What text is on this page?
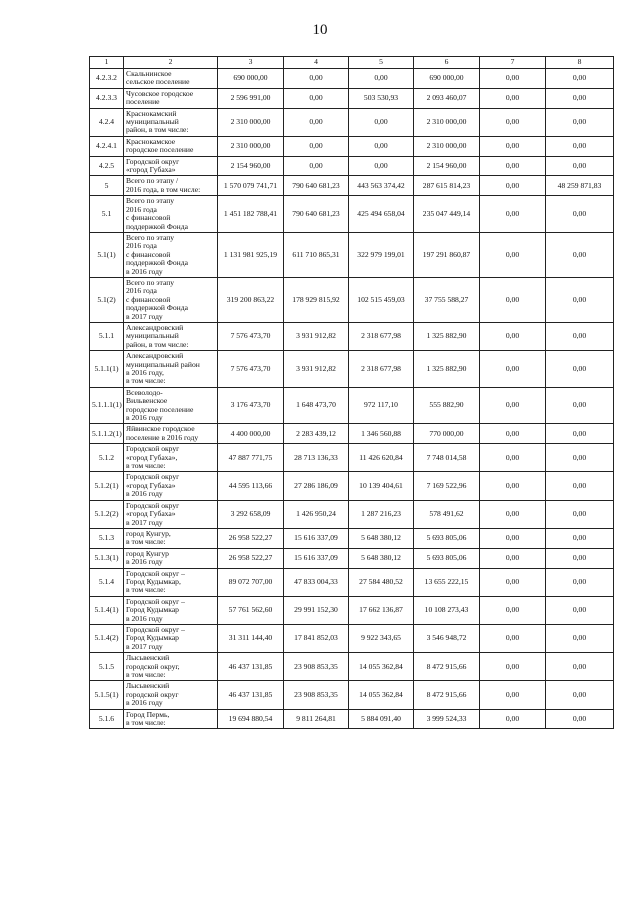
10
1	2	3	4	5	6	7	8
4.2.3.2	Скальнинское
сельское поселение	690 000,00	0,00	0,00	690 000,00	0,00	0,00
4.2.3.3	Чусовское городское
поселение	2 596 991,00	0,00	503 530,93	2 093 460,07	0,00	0,00
4.2.4	Краснокамский
муниципальный
район, в том числе:	2 310 000,00	0,00	0,00	2 310 000,00	0,00	0,00
4.2.4.1	Краснокамское
городское поселение	2 310 000,00	0,00	0,00	2 310 000,00	0,00	0,00
4.2.5	Городской округ
«город Губаха»	2 154 960,00	0,00	0,00	2 154 960,00	0,00	0,00
5	Всего по этапу /
2016 года, в том числе:	1 570 079 741,71	790 640 681,23	443 563 374,42	287 615 814,23	0,00	48 259 871,83
5.1	Всего по этапу
2016 года
с финансовой
поддержкой Фонда	1 451 182 788,41	790 640 681,23	425 494 658,04	235 047 449,14	0,00	0,00
5.1(1)	Всего по этапу
2016 года
с финансовой
поддержкой Фонда
в 2016 году	1 131 981 925,19	611 710 865,31	322 979 199,01	197 291 860,87	0,00	0,00
5.1(2)	Всего по этапу
2016 года
с финансовой
поддержкой Фонда
в 2017 году	319 200 863,22	178 929 815,92	102 515 459,03	37 755 588,27	0,00	0,00
5.1.1	Александровский
муниципальный
район, в том числе:	7 576 473,70	3 931 912,82	2 318 677,98	1 325 882,90	0,00	0,00
5.1.1(1)	Александровский
муниципальный район
в 2016 году,
в том числе:	7 576 473,70	3 931 912,82	2 318 677,98	1 325 882,90	0,00	0,00
5.1.1.1(1)	Всеволодо-
Вильвенское
городское поселение
в 2016 году	3 176 473,70	1 648 473,70	972 117,10	555 882,90	0,00	0,00
5.1.1.2(1)	Яйвинское городское
поселение в 2016 году	4 400 000,00	2 283 439,12	1 346 560,88	770 000,00	0,00	0,00
5.1.2	Городской округ
«город Губаха»,
в том числе:	47 887 771,75	28 713 136,33	11 426 620,84	7 748 014,58	0,00	0,00
5.1.2(1)	Городской округ
«город Губаха»
в 2016 году	44 595 113,66	27 286 186,09	10 139 404,61	7 169 522,96	0,00	0,00
5.1.2(2)	Городской округ
«город Губаха»
в 2017 году	3 292 658,09	1 426 950,24	1 287 216,23	578 491,62	0,00	0,00
5.1.3	город Кунгур,
в том числе:	26 958 522,27	15 616 337,09	5 648 380,12	5 693 805,06	0,00	0,00
5.1.3(1)	город Кунгур
в 2016 году	26 958 522,27	15 616 337,09	5 648 380,12	5 693 805,06	0,00	0,00
5.1.4	Городской округ –
Город Кудымкар,
в том числе:	89 072 707,00	47 833 004,33	27 584 480,52	13 655 222,15	0,00	0,00
5.1.4(1)	Городской округ –
Город Кудымкар
в 2016 году	57 761 562,60	29 991 152,30	17 662 136,87	10 108 273,43	0,00	0,00
5.1.4(2)	Городской округ –
Город Кудымкар
в 2017 году	31 311 144,40	17 841 852,03	9 922 343,65	3 546 948,72	0,00	0,00
5.1.5	Лысьвенский
городской округ,
в том числе:	46 437 131,85	23 908 853,35	14 055 362,84	8 472 915,66	0,00	0,00
5.1.5(1)	Лысьвенский
городской округ
в 2016 году	46 437 131,85	23 908 853,35	14 055 362,84	8 472 915,66	0,00	0,00
5.1.6	Город Пермь,
в том числе:	19 694 880,54	9 811 264,81	5 884 091,40	3 999 524,33	0,00	0,00
